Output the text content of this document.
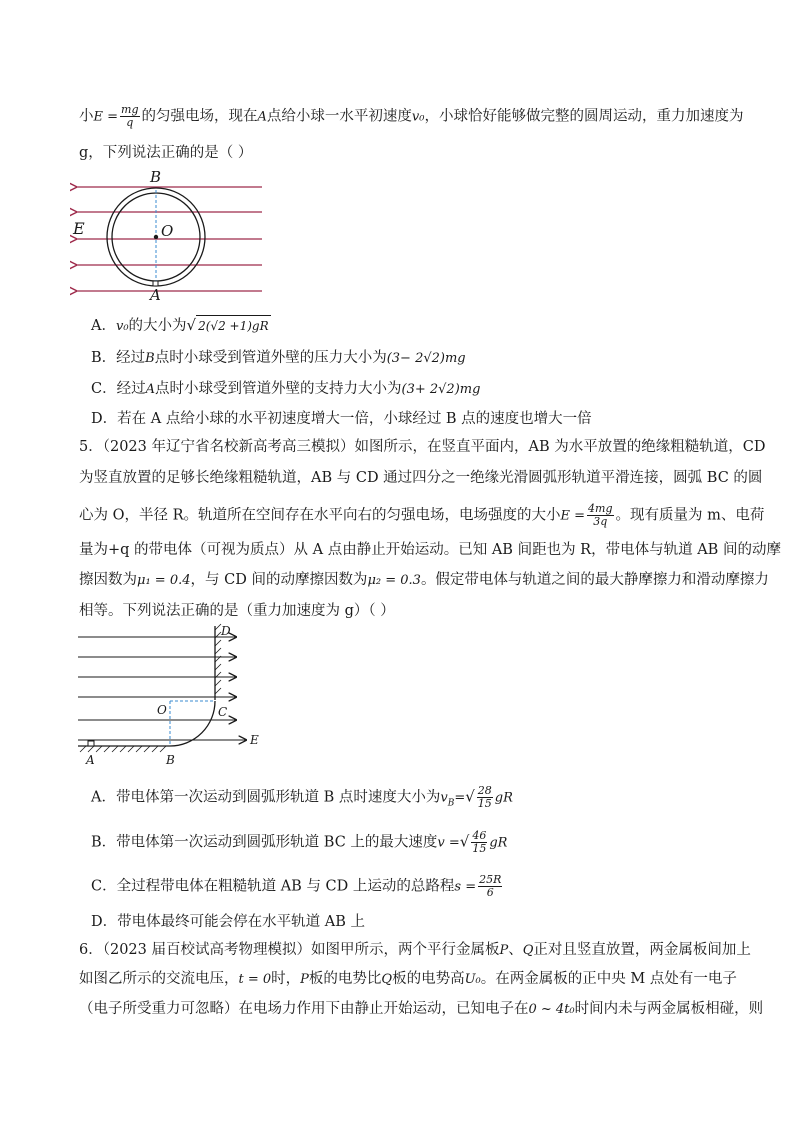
小$E = \frac{mg}{q}$ 的匀强电场，现在A点给小球一水平初速度v₀，小球恰好能够做完整的圆周运动，重力加速度为
g，下列说法正确的是（ ）
B
O
E
A
A．v₀的大小为√ 2(√2 +1)gR
B．经过B点时小球受到管道外壁的压力大小为(3− 2√2)mg
C．经过A点时小球受到管道外壁的支持力大小为(3+ 2√2)mg
D．若在 A 点给小球的水平初速度增大一倍，小球经过 B 点的速度也增大一倍
5．（2023 年辽宁省名校新高考高三模拟）如图所示，在竖直平面内，AB 为水平放置的绝缘粗糙轨道，CD
为竖直放置的足够长绝缘粗糙轨道，AB 与 CD 通过四分之一绝缘光滑圆弧形轨道平滑连接，圆弧 BC 的圆
心为 O，半径 R。轨道所在空间存在水平向右的匀强电场，电场强度的大小$E = \frac{4mg}{3q}$ 。现有质量为 m、电荷
量为+q 的带电体（可视为质点）从 A 点由静止开始运动。已知 AB 间距也为 R，带电体与轨道 AB 间的动摩
擦因数为μ₁ = 0.4，与 CD 间的动摩擦因数为μ₂ = 0.3。假定带电体与轨道之间的最大静摩擦力和滑动摩擦力
相等。下列说法正确的是（重力加速度为 g）（ ）
D
O	C
E
A	B
A．带电体第一次运动到圆弧形轨道 B 点时速度大小为$v_B=√ \frac{28}{15}$ gR
B．带电体第一次运动到圆弧形轨道 BC 上的最大速度v =√ $\frac{46}{15}$ gR
C．全过程带电体在粗糙轨道 AB 与 CD 上运动的总路程$s = \frac{25R}{6}$
D．带电体最终可能会停在水平轨道 AB 上
6．（2023 届百校试高考物理模拟）如图甲所示，两个平行金属板P、Q正对且竖直放置，两金属板间加上
如图乙所示的交流电压，t = 0时，P板的电势比Q板的电势高U₀。在两金属板的正中央 M 点处有一电子
（电子所受重力可忽略）在电场力作用下由静止开始运动，已知电子在0 ~ 4t₀时间内未与两金属板相碰，则
